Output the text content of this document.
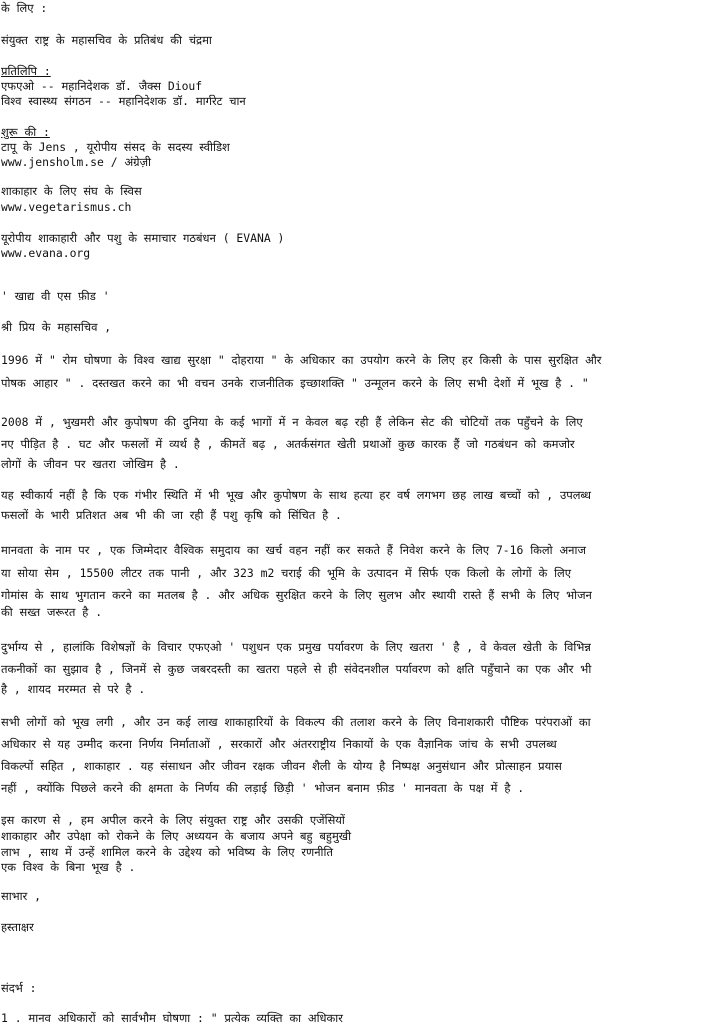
के लिए :
संयुक्त राष्ट्र के महासचिव के प्रतिबंध की चंद्रमा
प्रतिलिपि :
एफएओ -- महानिदेशक डॉ. जैक्स Diouf
विश्व स्वास्थ्य संगठन -- महानिदेशक डॉ. मार्गरेट चान
शुरू की :
टापू के Jens , यूरोपीय संसद के सदस्य स्वीडिश
www.jensholm.se / अंग्रेज़ी
शाकाहार के लिए संघ के स्विस
www.vegetarismus.ch
यूरोपीय शाकाहारी और पशु के समाचार गठबंधन ( EVANA )
www.evana.org
' खाद्य वी एस फ़ीड '
श्री प्रिय के महासचिव ,
1996 में " रोम घोषणा के विश्व खाद्य सुरक्षा " दोहराया " के अधिकार का उपयोग करने के लिए हर किसी के पास सुरक्षित और
पोषक आहार " . दस्तखत करने का भी वचन उनके राजनीतिक इच्छाशक्ति " उन्मूलन करने के लिए सभी देशों में भूख है . "
2008 में , भुखमरी और कुपोषण की दुनिया के कई भागों में न केवल बढ़ रही हैं लेकिन सेट की चोटियों तक पहुँचने के लिए
नए पीड़ित है . घट और फसलों में व्यर्थ है , कीमतें बढ़ , अतर्कसंगत खेती प्रथाओं कुछ कारक हैं जो गठबंधन को कमजोर
लोगों के जीवन पर खतरा जोखिम है .
यह स्वीकार्य नहीं है कि एक गंभीर स्थिति में भी भूख और कुपोषण के साथ हत्या हर वर्ष लगभग छह लाख बच्चों को , उपलब्ध
फसलों के भारी प्रतिशत अब भी की जा रही हैं पशु कृषि को सिंचित है .
मानवता के नाम पर , एक जिम्मेदार वैश्विक समुदाय का खर्च वहन नहीं कर सकते हैं निवेश करने के लिए 7-16 किलो अनाज
या सोया सेम , 15500 लीटर तक पानी , और 323 m2 चराई की भूमि के उत्पादन में सिर्फ एक किलो के लोगों के लिए
गोमांस के साथ भुगतान करने का मतलब है . और अधिक सुरक्षित करने के लिए सुलभ और स्थायी रास्ते हैं सभी के लिए भोजन
की सख्त जरूरत है .
दुर्भाग्य से , हालांकि विशेषज्ञों के विचार एफएओ ' पशुधन एक प्रमुख पर्यावरण के लिए खतरा ' है , वे केवल खेती के विभिन्न
तकनीकों का सुझाव है , जिनमें से कुछ जबरदस्ती का खतरा पहले से ही संवेदनशील पर्यावरण को क्षति पहुँचाने का एक और भी
है , शायद मरम्मत से परे है .
सभी लोगों को भूख लगी , और उन कई लाख शाकाहारियों के विकल्प की तलाश करने के लिए विनाशकारी पौष्टिक परंपराओं का
अधिकार से यह उम्मीद करना निर्णय निर्माताओं , सरकारों और अंतरराष्ट्रीय निकायों के एक वैज्ञानिक जांच के सभी उपलब्ध
विकल्पों सहित , शाकाहार . यह संसाधन और जीवन रक्षक जीवन शैली के योग्य है निष्पक्ष अनुसंधान और प्रोत्साहन प्रयास
नहीं , क्योंकि पिछले करने की क्षमता के निर्णय की लड़ाई छिड़ी ' भोजन बनाम फ़ीड ' मानवता के पक्ष में है .
इस कारण से , हम अपील करने के लिए संयुक्त राष्ट्र और उसकी एजेंसियों
शाकाहार और उपेक्षा को रोकने के लिए अध्ययन के बजाय अपने बहु बहुमुखी
लाभ , साथ में उन्हें शामिल करने के उद्देश्य को भविष्य के लिए रणनीति
एक विश्व के बिना भूख है .
साभार ,
हस्ताक्षर
संदर्भ :
1 . मानव अधिकारों को सार्वभौम घोषणा : " प्रत्येक व्यक्ति का अधिकार
